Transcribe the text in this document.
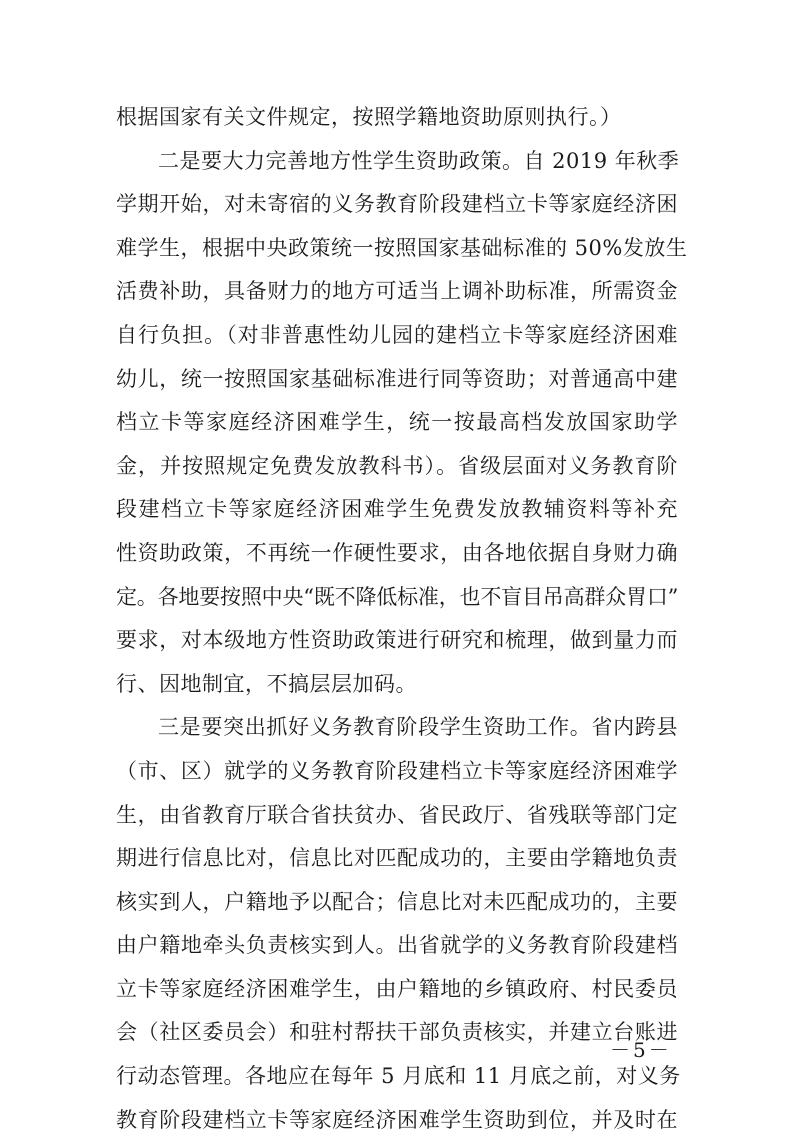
根据国家有关文件规定，按照学籍地资助原则执行。）
二是要大力完善地方性学生资助政策。自 2019 年秋季
学期开始，对未寄宿的义务教育阶段建档立卡等家庭经济困
难学生，根据中央政策统一按照国家基础标准的 50%发放生
活费补助，具备财力的地方可适当上调补助标准，所需资金
自行负担。（对非普惠性幼儿园的建档立卡等家庭经济困难
幼儿，统一按照国家基础标准进行同等资助；对普通高中建
档立卡等家庭经济困难学生，统一按最高档发放国家助学
金，并按照规定免费发放教科书）。省级层面对义务教育阶
段建档立卡等家庭经济困难学生免费发放教辅资料等补充
性资助政策，不再统一作硬性要求，由各地依据自身财力确
定。各地要按照中央“既不降低标准，也不盲目吊高群众胃口”
要求，对本级地方性资助政策进行研究和梳理，做到量力而
行、因地制宜，不搞层层加码。
三是要突出抓好义务教育阶段学生资助工作。省内跨县
（市、区）就学的义务教育阶段建档立卡等家庭经济困难学
生，由省教育厅联合省扶贫办、省民政厅、省残联等部门定
期进行信息比对，信息比对匹配成功的，主要由学籍地负责
核实到人，户籍地予以配合；信息比对未匹配成功的，主要
由户籍地牵头负责核实到人。出省就学的义务教育阶段建档
立卡等家庭经济困难学生，由户籍地的乡镇政府、村民委员
会（社区委员会）和驻村帮扶干部负责核实，并建立台账进
行动态管理。各地应在每年 5 月底和 11 月底之前，对义务
教育阶段建档立卡等家庭经济困难学生资助到位，并及时在
－5－
